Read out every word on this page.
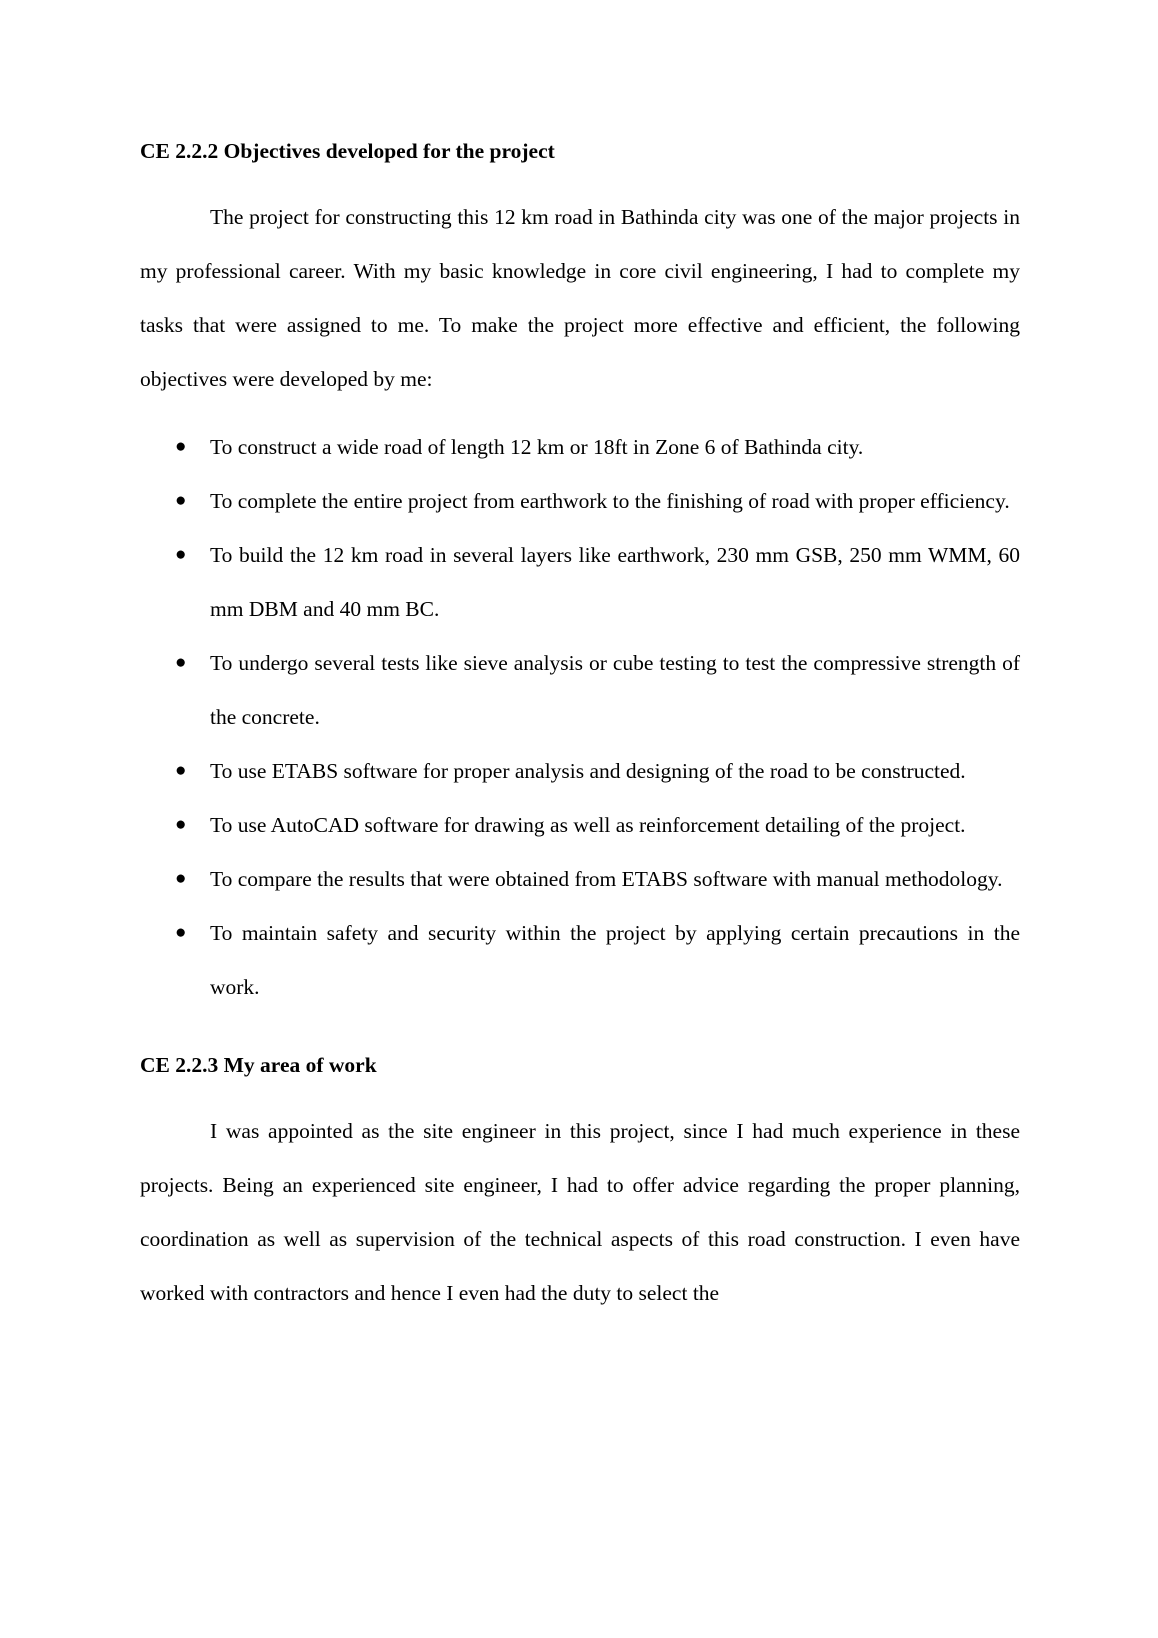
CE 2.2.2 Objectives developed for the project

The project for constructing this 12 km road in Bathinda city was one of the major projects in my professional career. With my basic knowledge in core civil engineering, I had to complete my tasks that were assigned to me. To make the project more effective and efficient, the following objectives were developed by me:

● To construct a wide road of length 12 km or 18ft in Zone 6 of Bathinda city.
● To complete the entire project from earthwork to the finishing of road with proper efficiency.
● To build the 12 km road in several layers like earthwork, 230 mm GSB, 250 mm WMM, 60 mm DBM and 40 mm BC.
● To undergo several tests like sieve analysis or cube testing to test the compressive strength of the concrete.
● To use ETABS software for proper analysis and designing of the road to be constructed.
● To use AutoCAD software for drawing as well as reinforcement detailing of the project.
● To compare the results that were obtained from ETABS software with manual methodology.
● To maintain safety and security within the project by applying certain precautions in the work.
CE 2.2.3 My area of work

I was appointed as the site engineer in this project, since I had much experience in these projects. Being an experienced site engineer, I had to offer advice regarding the proper planning, coordination as well as supervision of the technical aspects of this road construction. I even have worked with contractors and hence I even had the duty to select the
